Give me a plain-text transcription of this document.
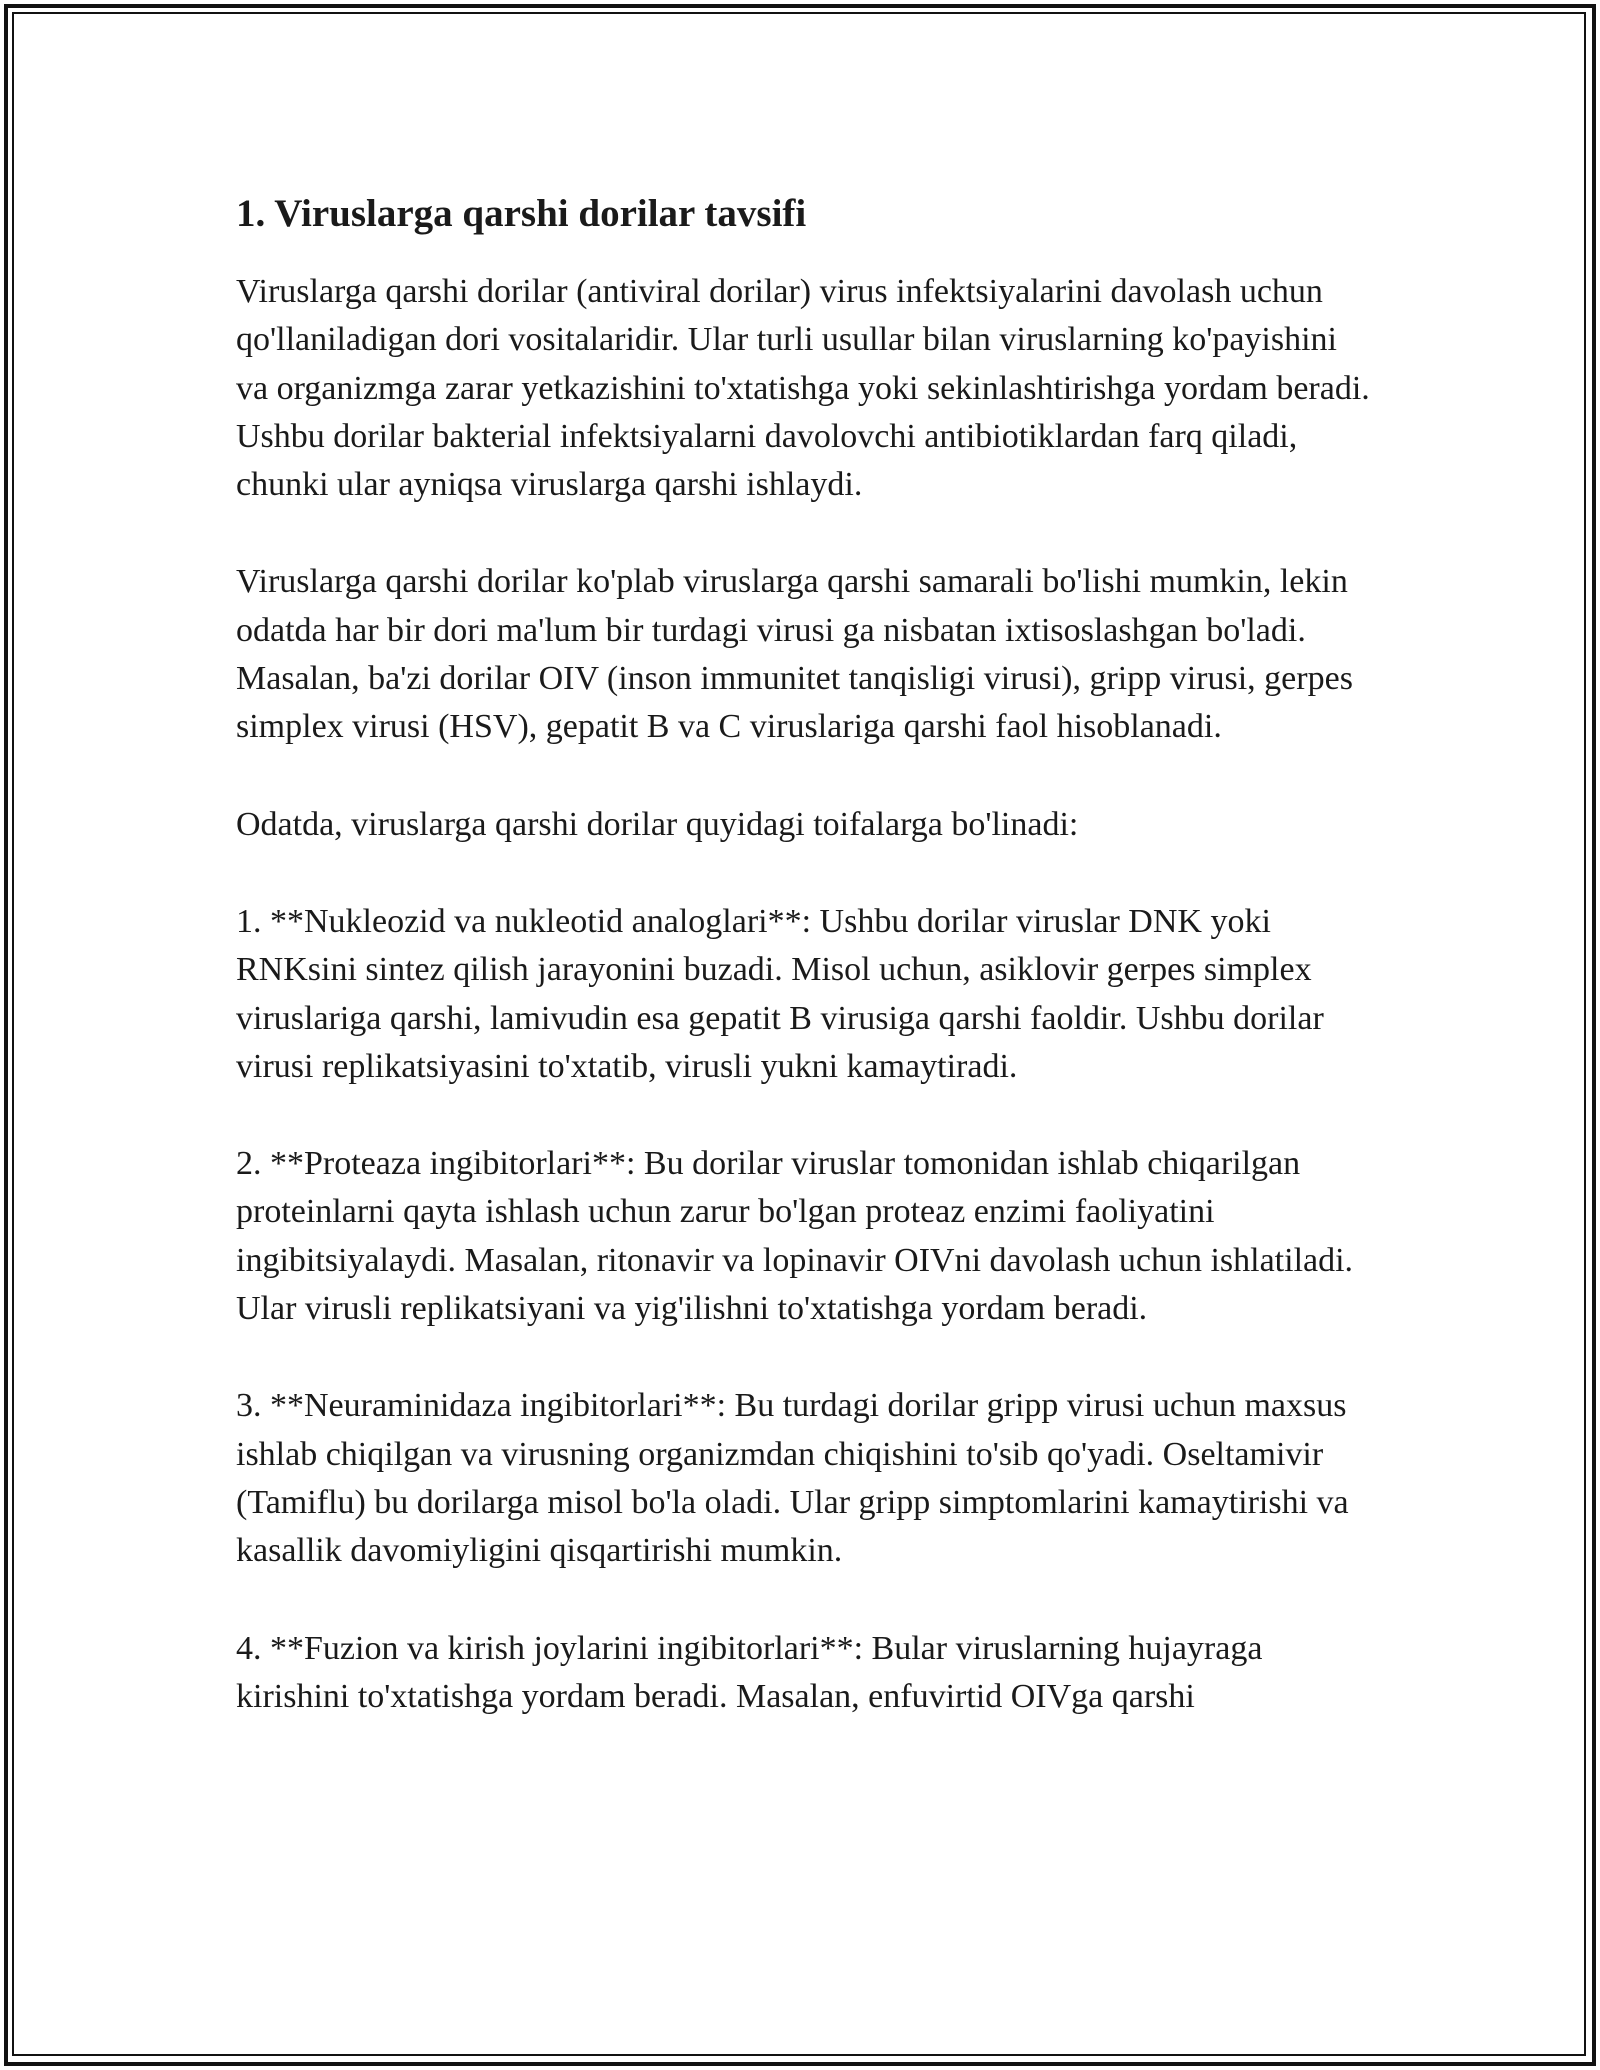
1. Viruslarga qarshi dorilar tavsifi

Viruslarga qarshi dorilar (antiviral dorilar) virus infektsiyalarini davolash uchun qo'llaniladigan dori vositalaridir. Ular turli usullar bilan viruslarning ko'payishini va organizmga zarar yetkazishini to'xtatishga yoki sekinlashtirishga yordam beradi. Ushbu dorilar bakterial infektsiyalarni davolovchi antibiotiklardan farq qiladi, chunki ular ayniqsa viruslarga qarshi ishlaydi.

Viruslarga qarshi dorilar ko'plab viruslarga qarshi samarali bo'lishi mumkin, lekin odatda har bir dori ma'lum bir turdagi virusi ga nisbatan ixtisoslashgan bo'ladi. Masalan, ba'zi dorilar OIV (inson immunitet tanqisligi virusi), gripp virusi, gerpes simplex virusi (HSV), gepatit B va C viruslariga qarshi faol hisoblanadi.

Odatda, viruslarga qarshi dorilar quyidagi toifalarga bo'linadi:

1. **Nukleozid va nukleotid analoglari**: Ushbu dorilar viruslar DNK yoki RNKsini sintez qilish jarayonini buzadi. Misol uchun, asiklovir gerpes simplex viruslariga qarshi, lamivudin esa gepatit B virusiga qarshi faoldir. Ushbu dorilar virusi replikatsiyasini to'xtatib, virusli yukni kamaytiradi.

2. **Proteaza ingibitorlari**: Bu dorilar viruslar tomonidan ishlab chiqarilgan proteinlarni qayta ishlash uchun zarur bo'lgan proteaz enzimi faoliyatini ingibitsiyalaydi. Masalan, ritonavir va lopinavir OIVni davolash uchun ishlatiladi. Ular virusli replikatsiyani va yig'ilishni to'xtatishga yordam beradi.

3. **Neuraminidaza ingibitorlari**: Bu turdagi dorilar gripp virusi uchun maxsus ishlab chiqilgan va virusning organizmdan chiqishini to'sib qo'yadi. Oseltamivir (Tamiflu) bu dorilarga misol bo'la oladi. Ular gripp simptomlarini kamaytirishi va kasallik davomiyligini qisqartirishi mumkin.

4. **Fuzion va kirish joylarini ingibitorlari**: Bular viruslarning hujayraga kirishini to'xtatishga yordam beradi. Masalan, enfuvirtid OIVga qarshi
